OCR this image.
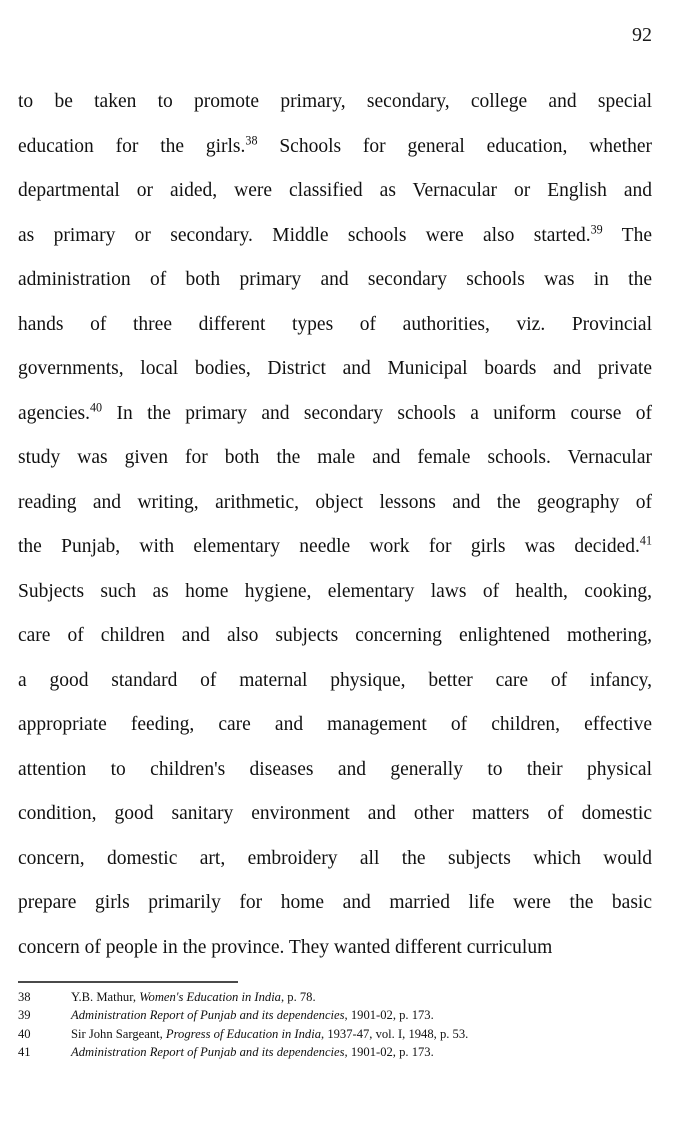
92
to be taken to promote primary, secondary, college and special
education for the girls.$^{38}$ Schools for general education, whether
departmental or aided, were classified as Vernacular or English and
as primary or secondary. Middle schools were also started.$^{39}$ The
administration of both primary and secondary schools was in the
hands of three different types of authorities, viz. Provincial
governments, local bodies, District and Municipal boards and private
agencies.$^{40}$ In the primary and secondary schools a uniform course of
study was given for both the male and female schools. Vernacular
reading and writing, arithmetic, object lessons and the geography of
the Punjab, with elementary needle work for girls was decided.$^{41}$
Subjects such as home hygiene, elementary laws of health, cooking,
care of children and also subjects concerning enlightened mothering,
a good standard of maternal physique, better care of infancy,
appropriate feeding, care and management of children, effective
attention to children's diseases and generally to their physical
condition, good sanitary environment and other matters of domestic
concern, domestic art, embroidery all the subjects which would
prepare girls primarily for home and married life were the basic
concern of people in the province. They wanted different curriculum
38	Y.B. Mathur, Women's Education in India, p. 78.
39	Administration Report of Punjab and its dependencies, 1901-02, p. 173.
40	Sir John Sargeant, Progress of Education in India, 1937-47, vol. I, 1948, p. 53.
41	Administration Report of Punjab and its dependencies, 1901-02, p. 173.
